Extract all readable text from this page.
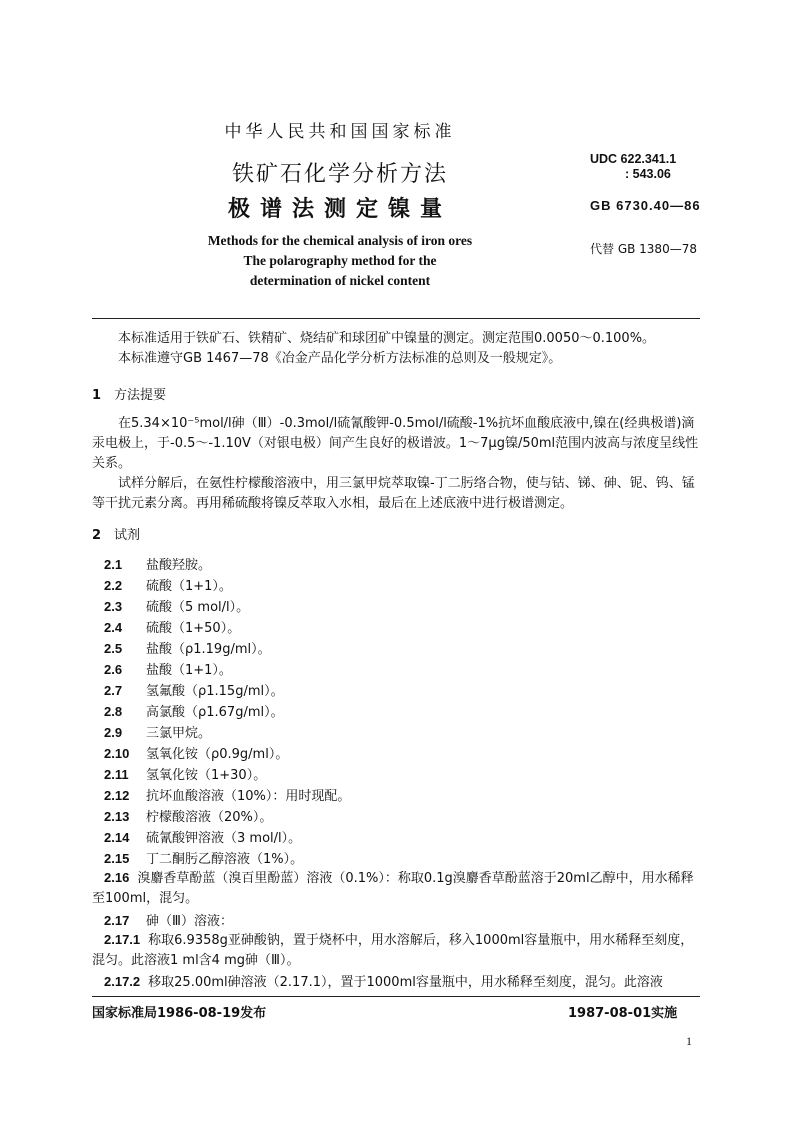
中华人民共和国国家标准
铁矿石化学分析方法
极谱法测定镍量
Methods for the chemical analysis of iron ores
The polarography method for the
determination of nickel content
UDC 622.341.1
: 543.06
GB 6730.40—86
代替 GB 1380—78
本标准适用于铁矿石、铁精矿、烧结矿和球团矿中镍量的测定。测定范围0.0050～0.100%。
本标准遵守GB 1467—78《冶金产品化学分析方法标准的总则及一般规定》。
1 方法提要
在5.34×10⁻⁵mol/l砷（Ⅲ）-0.3mol/l硫氰酸钾-0.5mol/l硫酸-1%抗坏血酸底液中,镍在(经典极谱)滴汞电极上，于-0.5～-1.10V（对银电极）间产生良好的极谱波。1～7μg镍/50ml范围内波高与浓度呈线性关系。
试样分解后，在氨性柠檬酸溶液中，用三氯甲烷萃取镍-丁二肟络合物，使与钴、锑、砷、铌、钨、锰等干扰元素分离。再用稀硫酸将镍反萃取入水相，最后在上述底液中进行极谱测定。
2 试剂
2.1 盐酸羟胺。
2.2 硫酸（1+1）。
2.3 硫酸（5 mol/l）。
2.4 硫酸（1+50）。
2.5 盐酸（ρ1.19g/ml）。
2.6 盐酸（1+1）。
2.7 氢氟酸（ρ1.15g/ml）。
2.8 高氯酸（ρ1.67g/ml）。
2.9 三氯甲烷。
2.10 氢氧化铵（ρ0.9g/ml）。
2.11 氢氧化铵（1+30）。
2.12 抗坏血酸溶液（10%）：用时现配。
2.13 柠檬酸溶液（20%）。
2.14 硫氰酸钾溶液（3 mol/l）。
2.15 丁二酮肟乙醇溶液（1%）。
2.16 溴麝香草酚蓝（溴百里酚蓝）溶液（0.1%）：称取0.1g溴麝香草酚蓝溶于20ml乙醇中，用水稀释至100ml，混匀。
2.17 砷（Ⅲ）溶液：
2.17.1 称取6.9358g亚砷酸钠，置于烧杯中，用水溶解后，移入1000ml容量瓶中，用水稀释至刻度，混匀。此溶液1 ml含4 mg砷（Ⅲ）。
2.17.2 移取25.00ml砷溶液（2.17.1），置于1000ml容量瓶中，用水稀释至刻度，混匀。此溶液
国家标准局1986-08-19发布	1987-08-01实施
1
